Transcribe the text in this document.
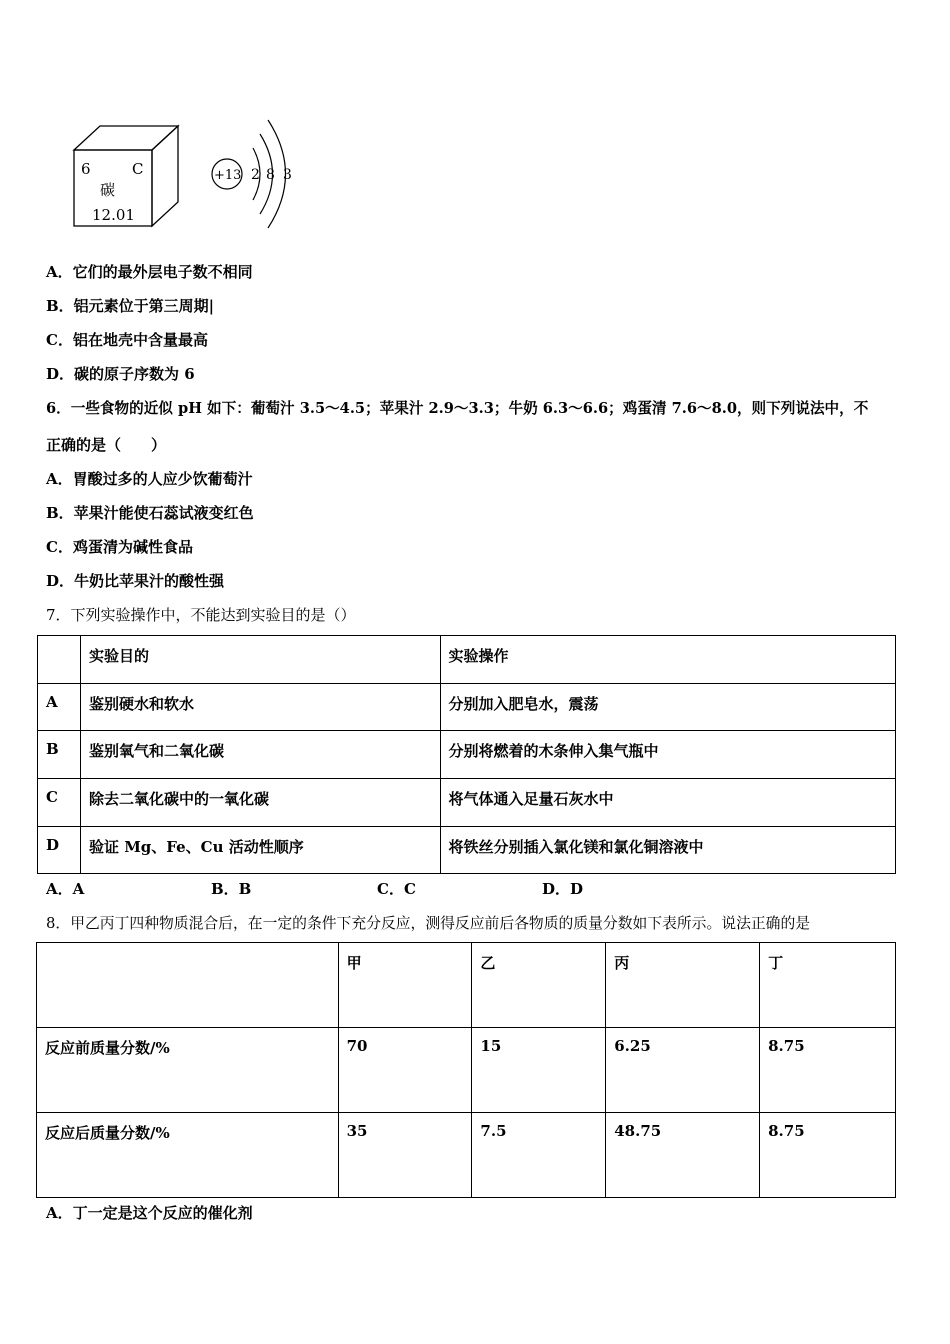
6	C
碳
12.01
+13 2 8 3
A．它们的最外层电子数不相同
B．铝元素位于第三周期|
C．铝在地壳中含量最高
D．碳的原子序数为 6
6．一些食物的近似 pH 如下：葡萄汁 3.5～4.5；苹果汁 2.9～3.3；牛奶 6.3～6.6；鸡蛋清 7.6～8.0，则下列说法中，不
正确的是（　　）
A．胃酸过多的人应少饮葡萄汁
B．苹果汁能使石蕊试液变红色
C．鸡蛋清为碱性食品
D．牛奶比苹果汁的酸性强
7．下列实验操作中，不能达到实验目的是（）

	实验目的	实验操作

A	鉴别硬水和软水	分别加入肥皂水，震荡

B	鉴别氧气和二氧化碳	分别将燃着的木条伸入集气瓶中

C	除去二氧化碳中的一氧化碳	将气体通入足量石灰水中

D	验证 Mg、Fe、Cu 活动性顺序	将铁丝分别插入氯化镁和氯化铜溶液中
A．A	B．B	C．C	D．D
8．甲乙丙丁四种物质混合后，在一定的条件下充分反应，测得反应前后各物质的质量分数如下表所示。说法正确的是

	甲	乙	丙	丁

反应前质量分数/%	70	15	6.25	8.75

反应后质量分数/%	35	7.5	48.75	8.75
A．丁一定是这个反应的催化剂
